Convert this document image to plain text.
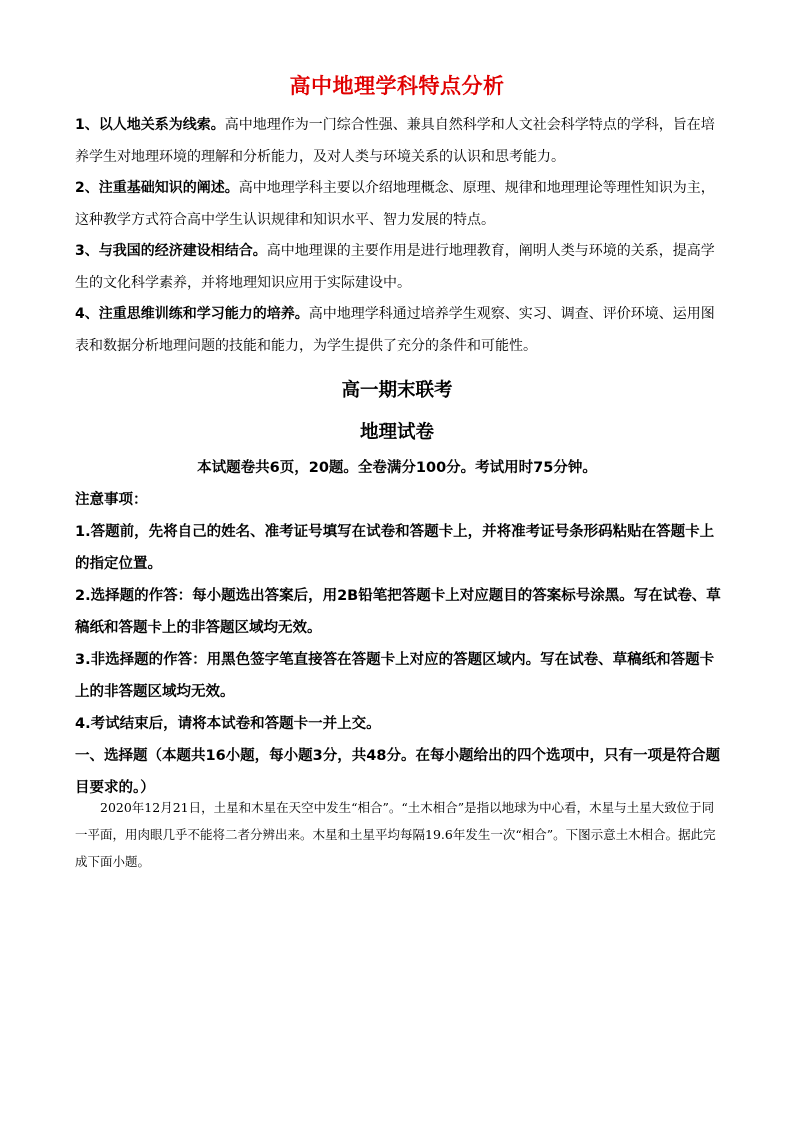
高中地理学科特点分析

1、以人地关系为线索。高中地理作为一门综合性强、兼具自然科学和人文社会科学特点的学科，旨在培养学生对地理环境的理解和分析能力，及对人类与环境关系的认识和思考能力。

2、注重基础知识的阐述。高中地理学科主要以介绍地理概念、原理、规律和地理理论等理性知识为主，这种教学方式符合高中学生认识规律和知识水平、智力发展的特点。

3、与我国的经济建设相结合。高中地理课的主要作用是进行地理教育，阐明人类与环境的关系，提高学生的文化科学素养，并将地理知识应用于实际建设中。

4、注重思维训练和学习能力的培养。高中地理学科通过培养学生观察、实习、调查、评价环境、运用图表和数据分析地理问题的技能和能力，为学生提供了充分的条件和可能性。

高一期末联考
地理试卷
本试题卷共6页，20题。全卷满分100分。考试用时75分钟。

注意事项：

1.答题前，先将自己的姓名、准考证号填写在试卷和答题卡上，并将准考证号条形码粘贴在答题卡上的指定位置。

2.选择题的作答：每小题选出答案后，用2B铅笔把答题卡上对应题目的答案标号涂黑。写在试卷、草稿纸和答题卡上的非答题区域均无效。

3.非选择题的作答：用黑色签字笔直接答在答题卡上对应的答题区域内。写在试卷、草稿纸和答题卡上的非答题区域均无效。

4.考试结束后，请将本试卷和答题卡一并上交。

一、选择题（本题共16小题，每小题3分，共48分。在每小题给出的四个选项中，只有一项是符合题目要求的。）

2020年12月21日，土星和木星在天空中发生“相合”。“土木相合”是指以地球为中心看，木星与土星大致位于同一平面，用肉眼几乎不能将二者分辨出来。木星和土星平均每隔19.6年发生一次“相合”。下图示意土木相合。据此完成下面小题。
